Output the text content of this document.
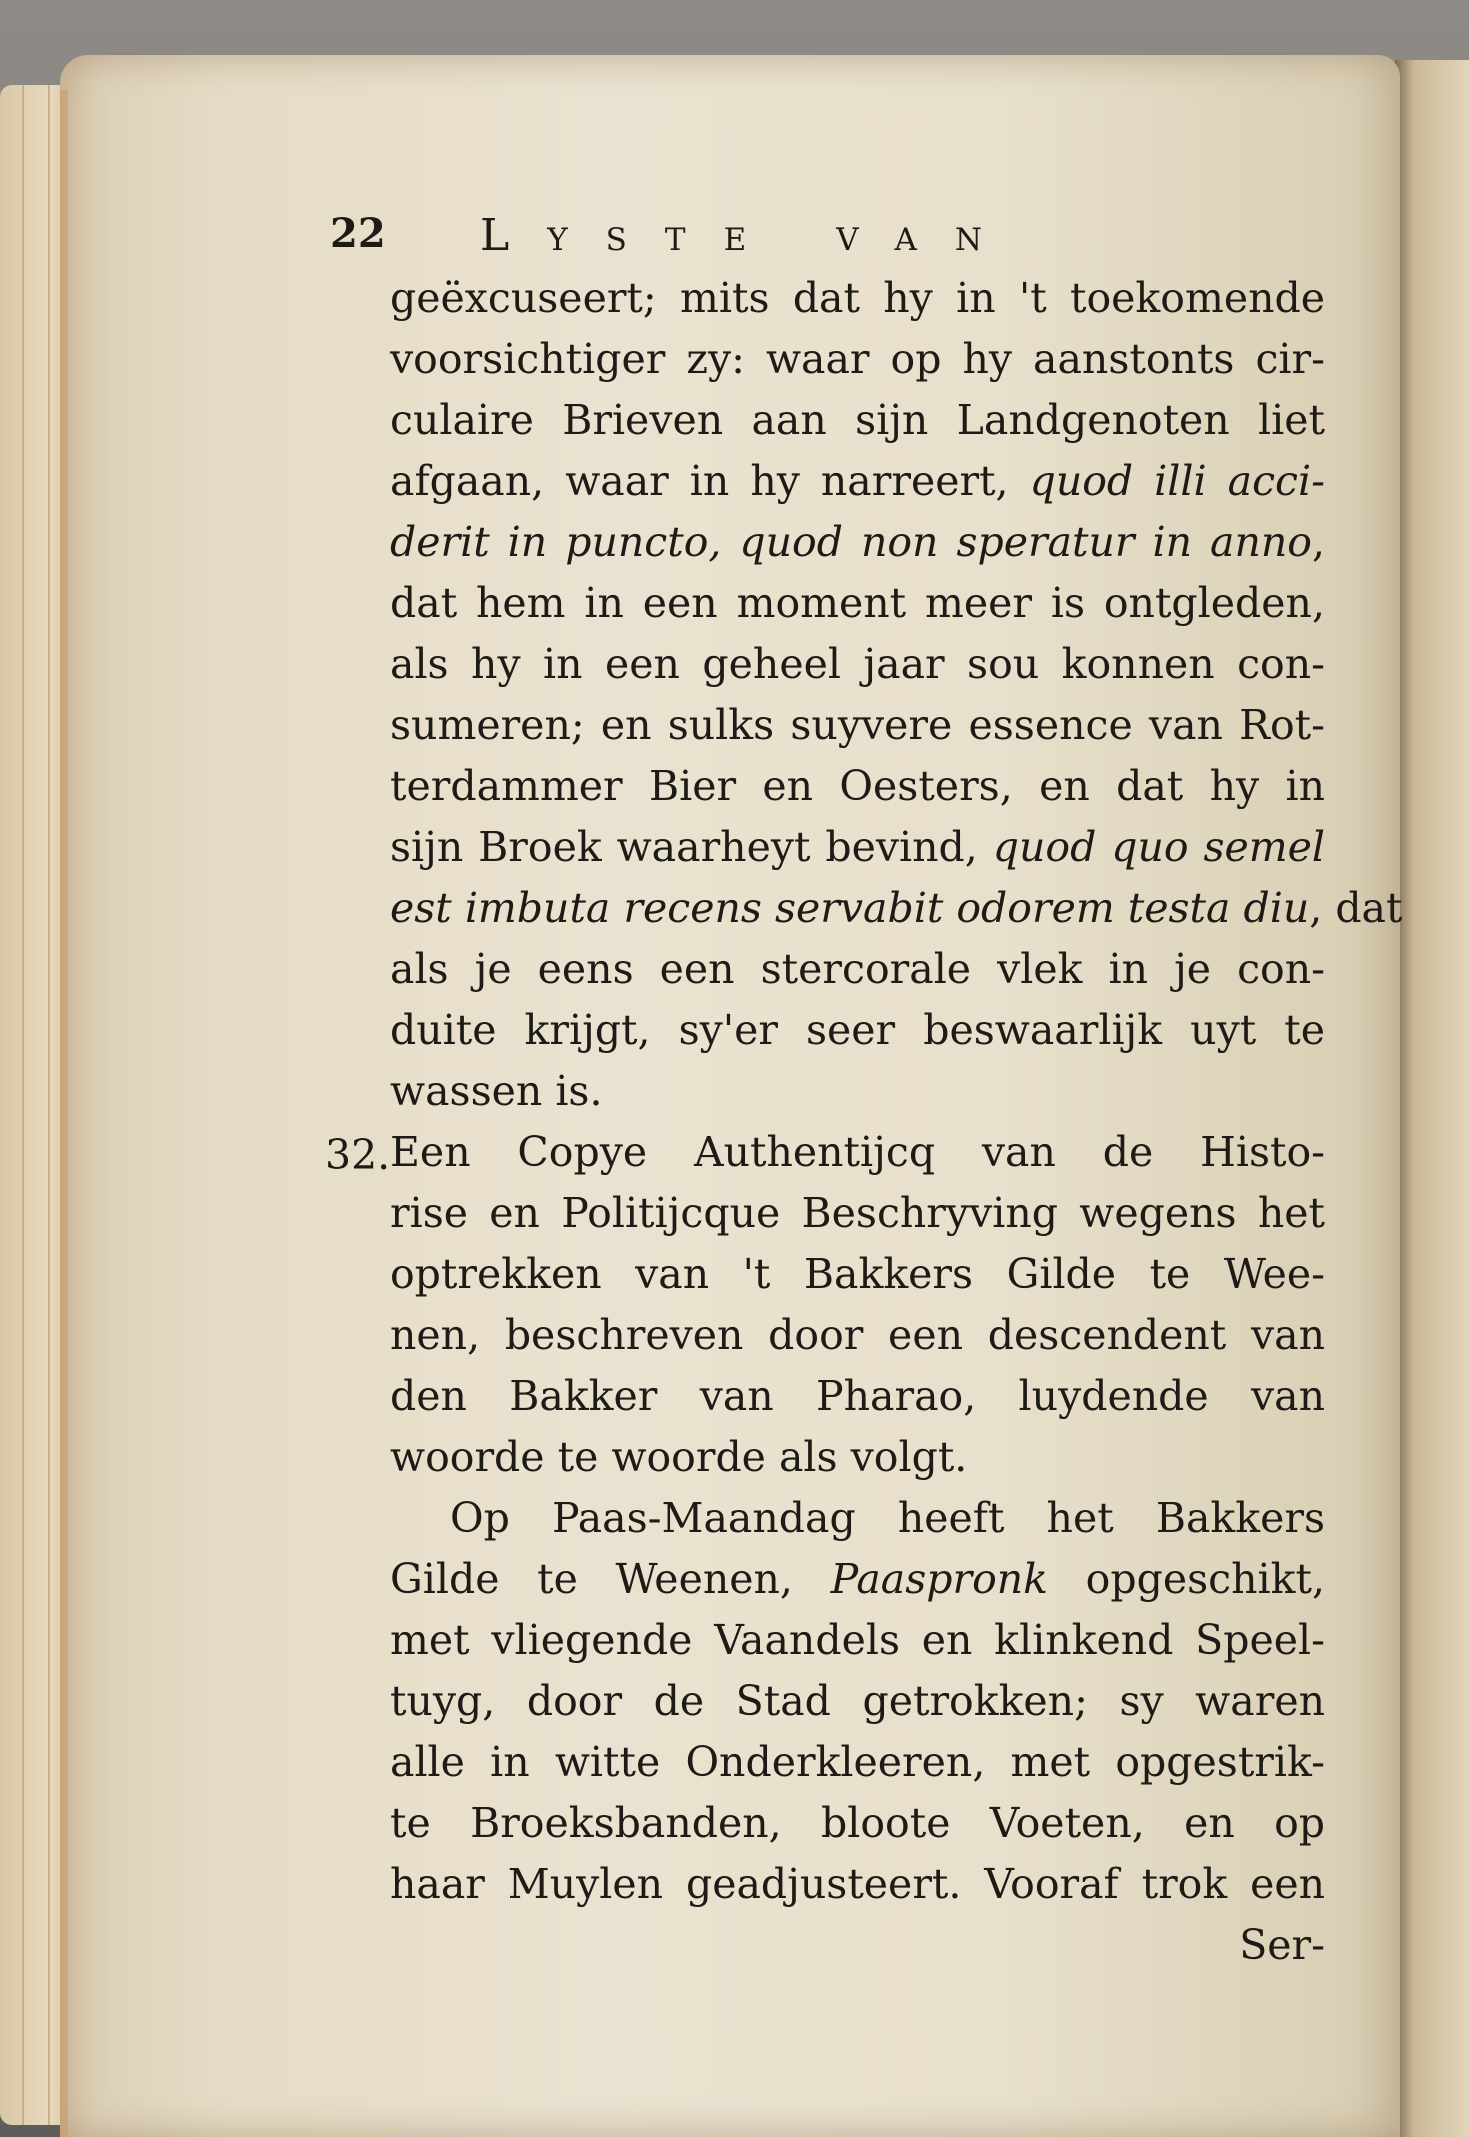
22 Lyste van
32.
geëxcuseert; mits dat hy in 't toekomende
voorsichtiger zy: waar op hy aanstonts cir-
culaire Brieven aan sijn Landgenoten liet
afgaan, waar in hy narreert, quod illi acci-
derit in puncto, quod non speratur in anno,
dat hem in een moment meer is ontgleden,
als hy in een geheel jaar sou konnen con-
sumeren; en sulks suyvere essence van Rot-
terdammer Bier en Oesters, en dat hy in
sijn Broek waarheyt bevind, quod quo semel
est imbuta recens servabit odorem testa diu, dat
als je eens een stercorale vlek in je con-
duite krijgt, sy'er seer beswaarlijk uyt te
wassen is.
Een Copye Authentijcq van de Histo-
rise en Politijcque Beschryving wegens het
optrekken van 't Bakkers Gilde te Wee-
nen, beschreven door een descendent van
den Bakker van Pharao, luydende van
woorde te woorde als volgt.
Op Paas-Maandag heeft het Bakkers
Gilde te Weenen, Paaspronk opgeschikt,
met vliegende Vaandels en klinkend Speel-
tuyg, door de Stad getrokken; sy waren
alle in witte Onderkleeren, met opgestrik-
te Broeksbanden, bloote Voeten, en op
haar Muylen geadjusteert. Vooraf trok een
Ser-
